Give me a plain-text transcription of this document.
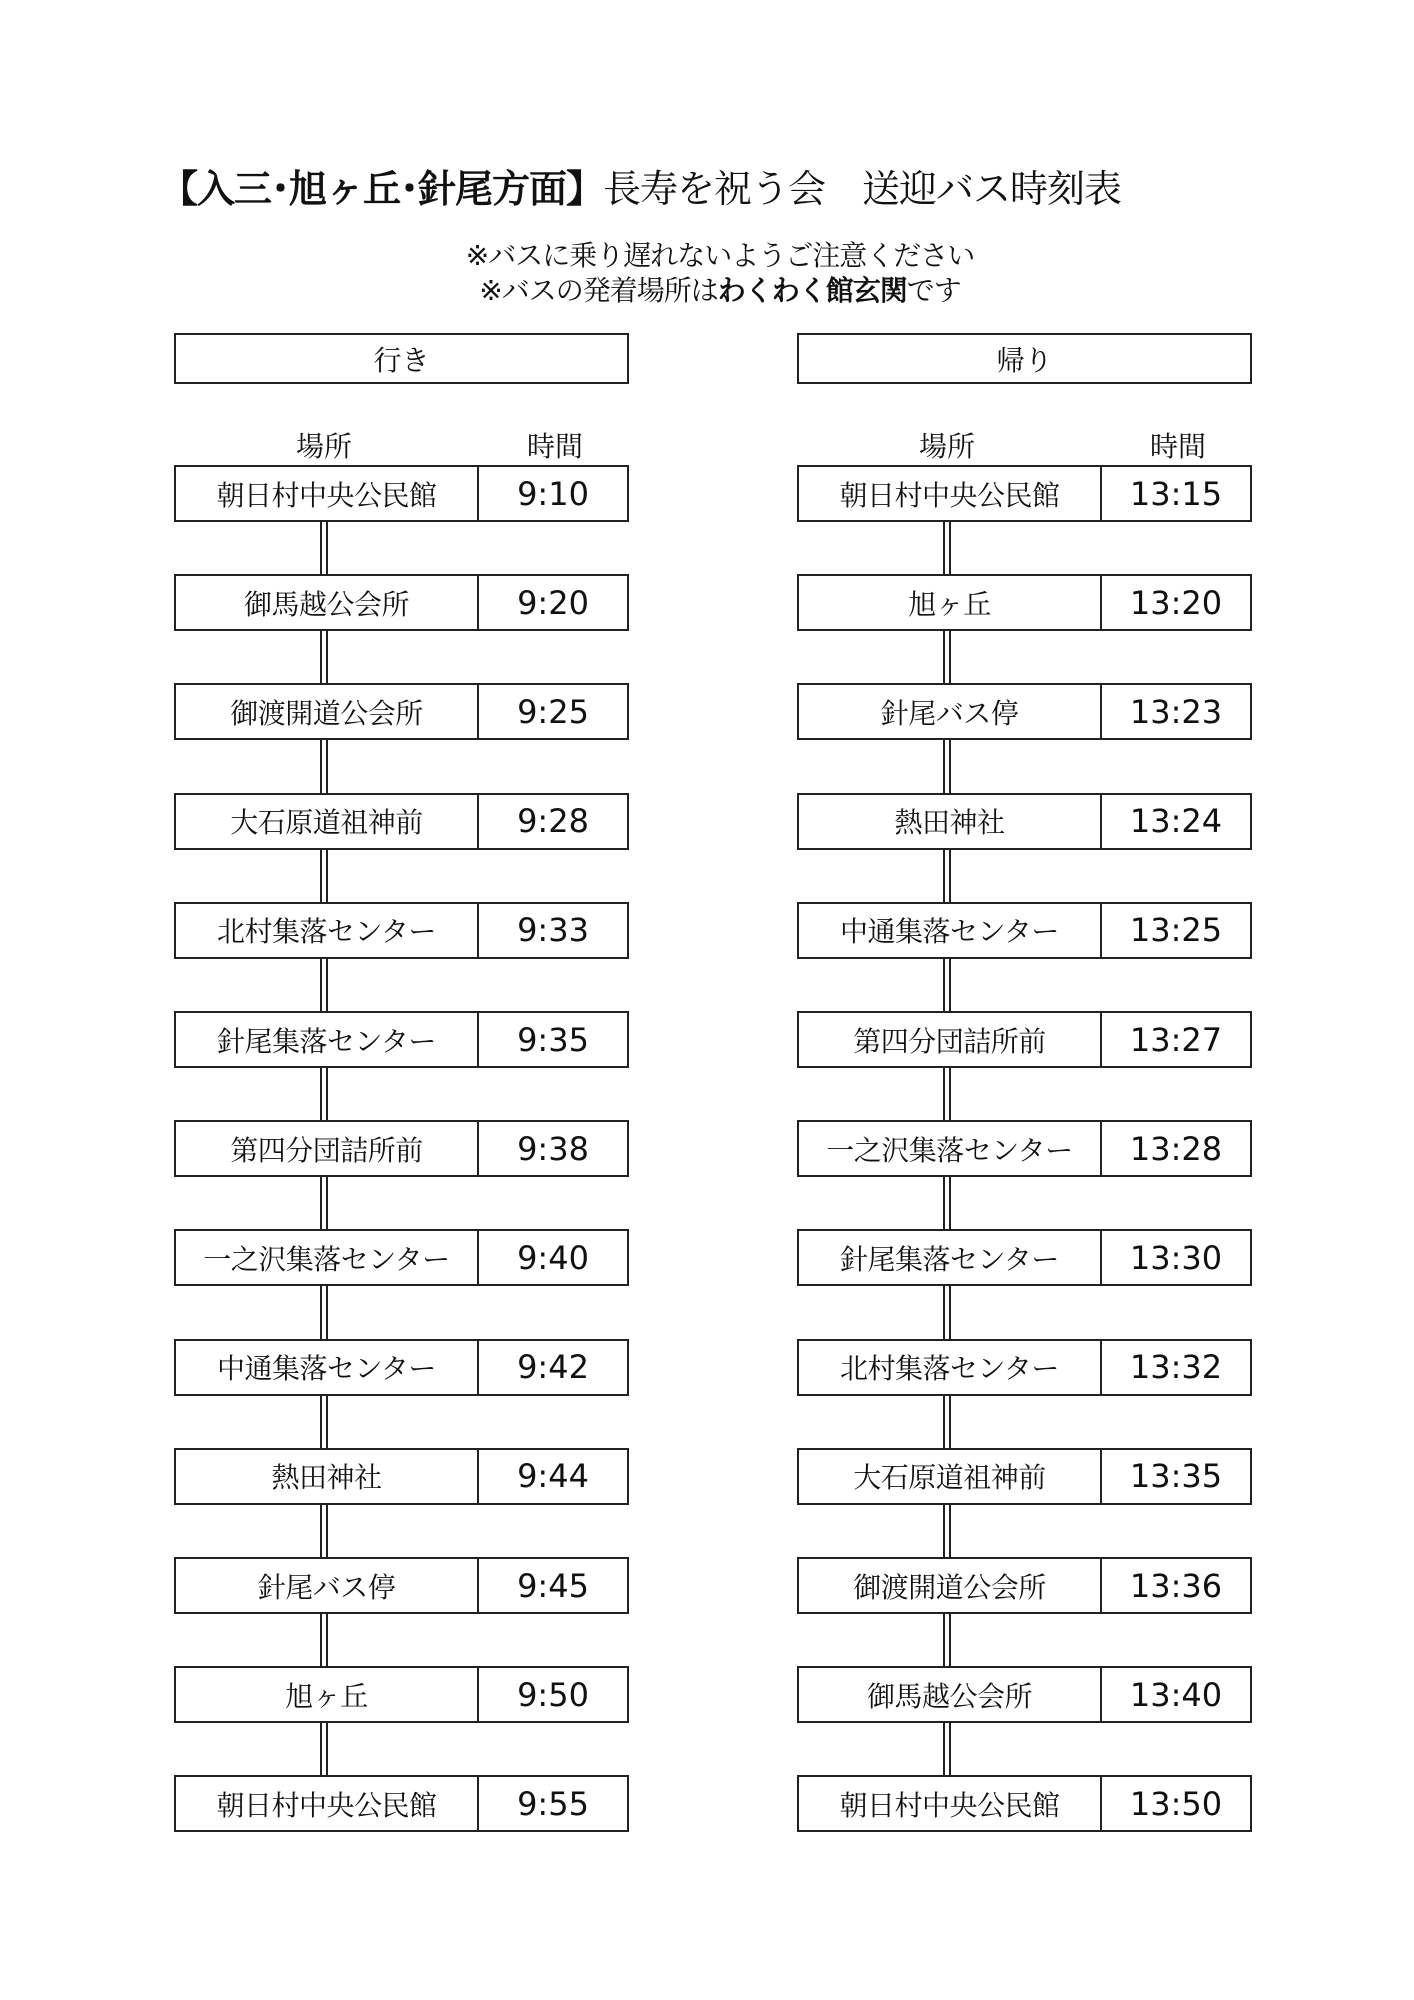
【入三･旭ヶ丘･針尾方面】長寿を祝う会　送迎バス時刻表
※バスに乗り遅れないようご注意ください
※バスの発着場所はわくわく館玄関です
行き
場所	時間
朝日村中央公民館	9:10
御馬越公会所	9:20
御渡開道公会所	9:25
大石原道祖神前	9:28
北村集落センター	9:33
針尾集落センター	9:35
第四分団詰所前	9:38
一之沢集落センター	9:40
中通集落センター	9:42
熱田神社	9:44
針尾バス停	9:45
旭ヶ丘	9:50
朝日村中央公民館	9:55
帰り
場所	時間
朝日村中央公民館	13:15
旭ヶ丘	13:20
針尾バス停	13:23
熱田神社	13:24
中通集落センター	13:25
第四分団詰所前	13:27
一之沢集落センター	13:28
針尾集落センター	13:30
北村集落センター	13:32
大石原道祖神前	13:35
御渡開道公会所	13:36
御馬越公会所	13:40
朝日村中央公民館	13:50
